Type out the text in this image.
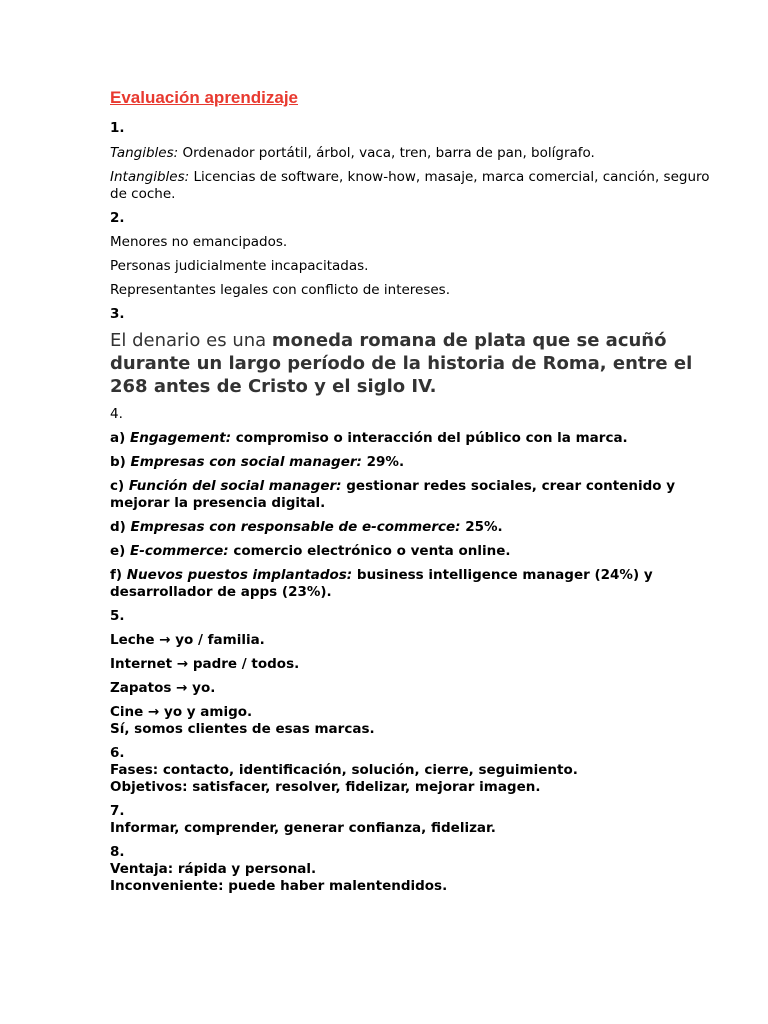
Evaluación aprendizaje

1.

Tangibles: Ordenador portátil, árbol, vaca, tren, barra de pan, bolígrafo.

Intangibles: Licencias de software, know-how, masaje, marca comercial, canción, seguro de coche.

2.

Menores no emancipados.

Personas judicialmente incapacitadas.

Representantes legales con conflicto de intereses.

3.

El denario es una moneda romana de plata que se acuñó durante un largo período de la historia de Roma, entre el 268 antes de Cristo y el siglo IV.

4.

a) Engagement: compromiso o interacción del público con la marca.

b) Empresas con social manager: 29%.

c) Función del social manager: gestionar redes sociales, crear contenido y mejorar la presencia digital.

d) Empresas con responsable de e-commerce: 25%.

e) E-commerce: comercio electrónico o venta online.

f) Nuevos puestos implantados: business intelligence manager (24%) y desarrollador de apps (23%).

5.

Leche → yo / familia.

Internet → padre / todos.

Zapatos → yo.

Cine → yo y amigo.

Sí, somos clientes de esas marcas.

6.

Fases: contacto, identificación, solución, cierre, seguimiento.

Objetivos: satisfacer, resolver, fidelizar, mejorar imagen.

7.

Informar, comprender, generar confianza, fidelizar.

8.

Ventaja: rápida y personal.

Inconveniente: puede haber malentendidos.
